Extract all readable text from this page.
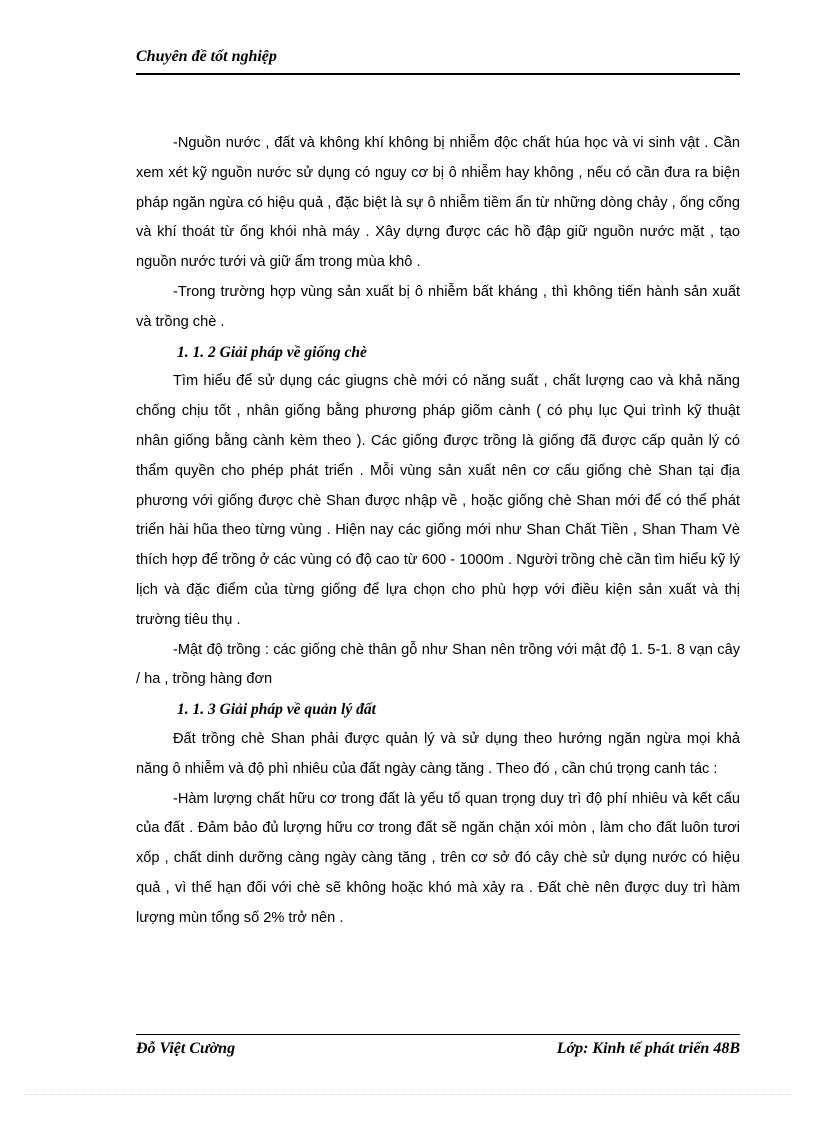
Chuyên đề tốt nghiệp

-Nguồn nước , đất và không khí không bị nhiễm độc chất húa học và vi sinh vật . Cần xem xét kỹ nguồn nước sử dụng có nguy cơ bị ô nhiễm hay không , nếu có cần đưa ra biện pháp ngăn ngừa có hiệu quả , đặc biệt là sự ô nhiễm tiềm ẩn từ những dòng chảy , ống cống và khí thoát từ ống khói nhà máy . Xây dựng được các hồ đập giữ nguồn nước mặt , tạo nguồn nước tưới và giữ ẩm trong mùa khô .

-Trong trường hợp vùng sản xuất bị ô nhiễm bất kháng , thì không tiến hành sản xuất và trồng chè .

1. 1. 2 Giải pháp về giống chè

Tìm hiểu để sử dụng các giugns chè mới có năng suất , chất lượng cao và khả năng chống chịu tốt , nhân giống bằng phương pháp giõm cành ( có phụ lục Qui trình kỹ thuật nhân giống bằng cành kèm theo ). Các giống được trồng là giống đã được cấp quản lý có thẩm quyền cho phép phát triển . Mỗi vùng sản xuất nên cơ cấu giống chè Shan tại địa phương với giống được chè Shan được nhập về , hoặc giống chè Shan mới để có thể phát triển hài hũa theo từng vùng . Hiện nay các giống mới như Shan Chất Tiền , Shan Tham Vè thích hợp để trồng ở các vùng có độ cao từ 600 - 1000m . Người trồng chè cần tìm hiểu kỹ lý lịch và đặc điểm của từng giống để lựa chọn cho phù hợp với điều kiện sản xuất và thị trường tiêu thụ .

-Mật độ trồng : các giống chè thân gỗ như Shan nên trồng với mật độ 1. 5-1. 8 vạn cây / ha , trồng hàng đơn

1. 1. 3 Giải pháp về quản lý đất

Đất trồng chè Shan phải được quản lý và sử dụng theo hướng ngăn ngừa mọi khả năng ô nhiễm và độ phì nhiêu của đất ngày càng tăng . Theo đó , cần chú trọng canh tác :

-Hàm lượng chất hữu cơ trong đất là yếu tố quan trọng duy trì độ phí nhiêu và kết cấu của đất . Đảm bảo đủ lượng hữu cơ trong đất sẽ ngăn chặn xói mòn , làm cho đất luôn tươi xốp , chất dinh dưỡng càng ngày càng tăng , trên cơ sở đó cây chè sử dụng nước có hiệu quả , vì thế hạn đối với chè sẽ không hoặc khó mà xảy ra . Đất chè nên được duy trì hàm lượng mùn tổng số 2% trở nên .

Đỗ Việt Cường	Lớp: Kinh tế phát triển 48B
